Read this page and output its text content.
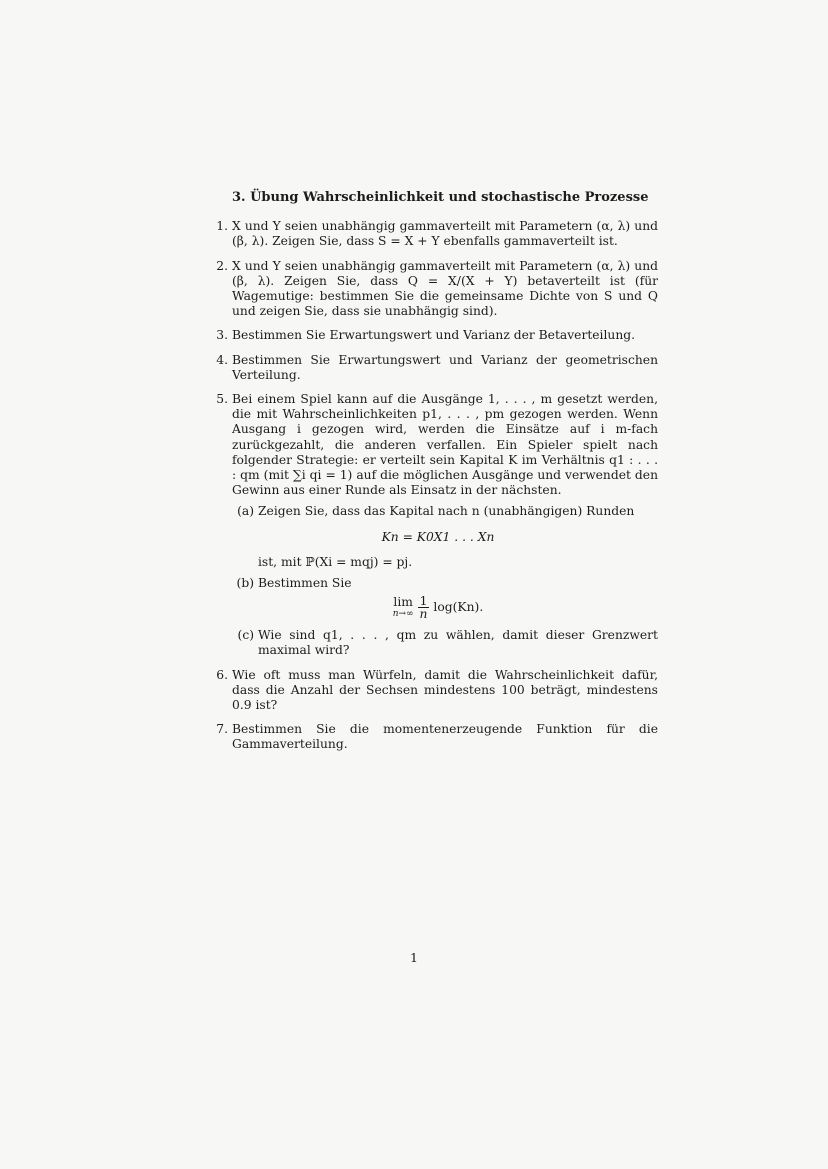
3. Übung Wahrscheinlichkeit und stochastische Prozesse
1. X und Y seien unabhängig gammaverteilt mit Parametern (α, λ) und (β, λ). Zeigen Sie, dass S = X + Y ebenfalls gammaverteilt ist.
2. X und Y seien unabhängig gammaverteilt mit Parametern (α, λ) und (β, λ). Zeigen Sie, dass Q = X/(X + Y) betaverteilt ist (für Wagemutige: bestimmen Sie die gemeinsame Dichte von S und Q und zeigen Sie, dass sie unabhängig sind).
3. Bestimmen Sie Erwartungswert und Varianz der Betaverteilung.
4. Bestimmen Sie Erwartungswert und Varianz der geometrischen Verteilung.
5. Bei einem Spiel kann auf die Ausgänge 1, . . . , m gesetzt werden, die mit Wahrscheinlichkeiten p1, . . . , pm gezogen werden. Wenn Ausgang i gezogen wird, werden die Einsätze auf i m-fach zurückgezahlt, die anderen verfallen. Ein Spieler spielt nach folgender Strategie: er verteilt sein Kapital K im Verhältnis q1 : . . . : qm (mit ∑i qi = 1) auf die möglichen Ausgänge und verwendet den Gewinn aus einer Runde als Einsatz in der nächsten.
(a) Zeigen Sie, dass das Kapital nach n (unabhängigen) Runden
Kn = K0X1 . . . Xn
ist, mit ℙ(Xi = mqj) = pj.
(b) Bestimmen Sie
lim
$n\to\infty \frac{1}{n} \log(Kn)$.
(c) Wie sind q1, . . . , qm zu wählen, damit dieser Grenzwert maximal wird?
6. Wie oft muss man Würfeln, damit die Wahrscheinlichkeit dafür, dass die Anzahl der Sechsen mindestens 100 beträgt, mindestens 0.9 ist?
7. Bestimmen Sie die momentenerzeugende Funktion für die Gammaverteilung.
1
